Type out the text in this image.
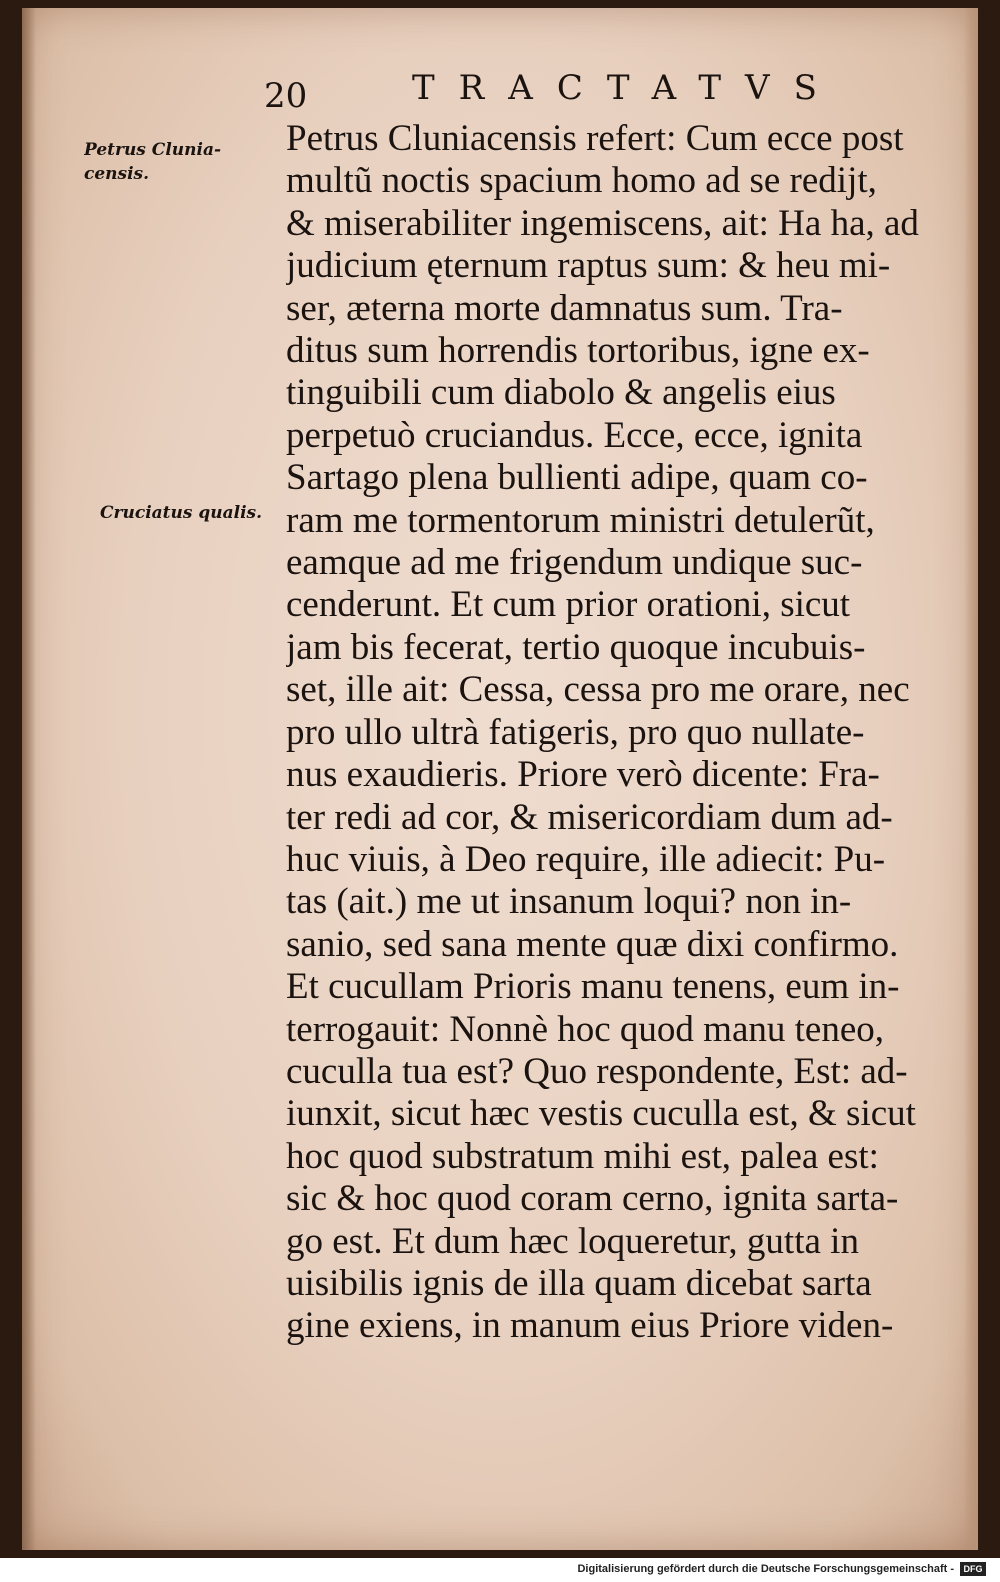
20	TRACTATVS
Petrus Clunia-
censis.
Cruciatus qualis.
Petrus Cluniacensis refert: Cum ecce post
multũ noctis spacium homo ad se redijt,
& miserabiliter ingemiscens, ait: Ha ha, ad
judicium ęternum raptus sum: & heu mi-
ser, æterna morte damnatus sum. Tra-
ditus sum horrendis tortoribus, igne ex-
tinguibili cum diabolo & angelis eius
perpetuò cruciandus. Ecce, ecce, ignita
Sartago plena bullienti adipe, quam co-
ram me tormentorum ministri detulerũt,
eamque ad me frigendum undique suc-
cenderunt. Et cum prior orationi, sicut
jam bis fecerat, tertio quoque incubuis-
set, ille ait: Cessa, cessa pro me orare, nec
pro ullo ultrà fatigeris, pro quo nullate-
nus exaudieris. Priore verò dicente: Fra-
ter redi ad cor, & misericordiam dum ad-
huc viuis, à Deo require, ille adiecit: Pu-
tas (ait.) me ut insanum loqui? non in-
sanio, sed sana mente quæ dixi confirmo.
Et cucullam Prioris manu tenens, eum in-
terrogauit: Nonnè hoc quod manu teneo,
cuculla tua est? Quo respondente, Est: ad-
iunxit, sicut hæc vestis cuculla est, & sicut
hoc quod substratum mihi est, palea est:
sic & hoc quod coram cerno, ignita sarta-
go est. Et dum hæc loqueretur, gutta in
uisibilis ignis de illa quam dicebat sarta
gine exiens, in manum eius Priore viden-
Digitalisierung gefördert durch die Deutsche Forschungsgemeinschaft -	DFG
